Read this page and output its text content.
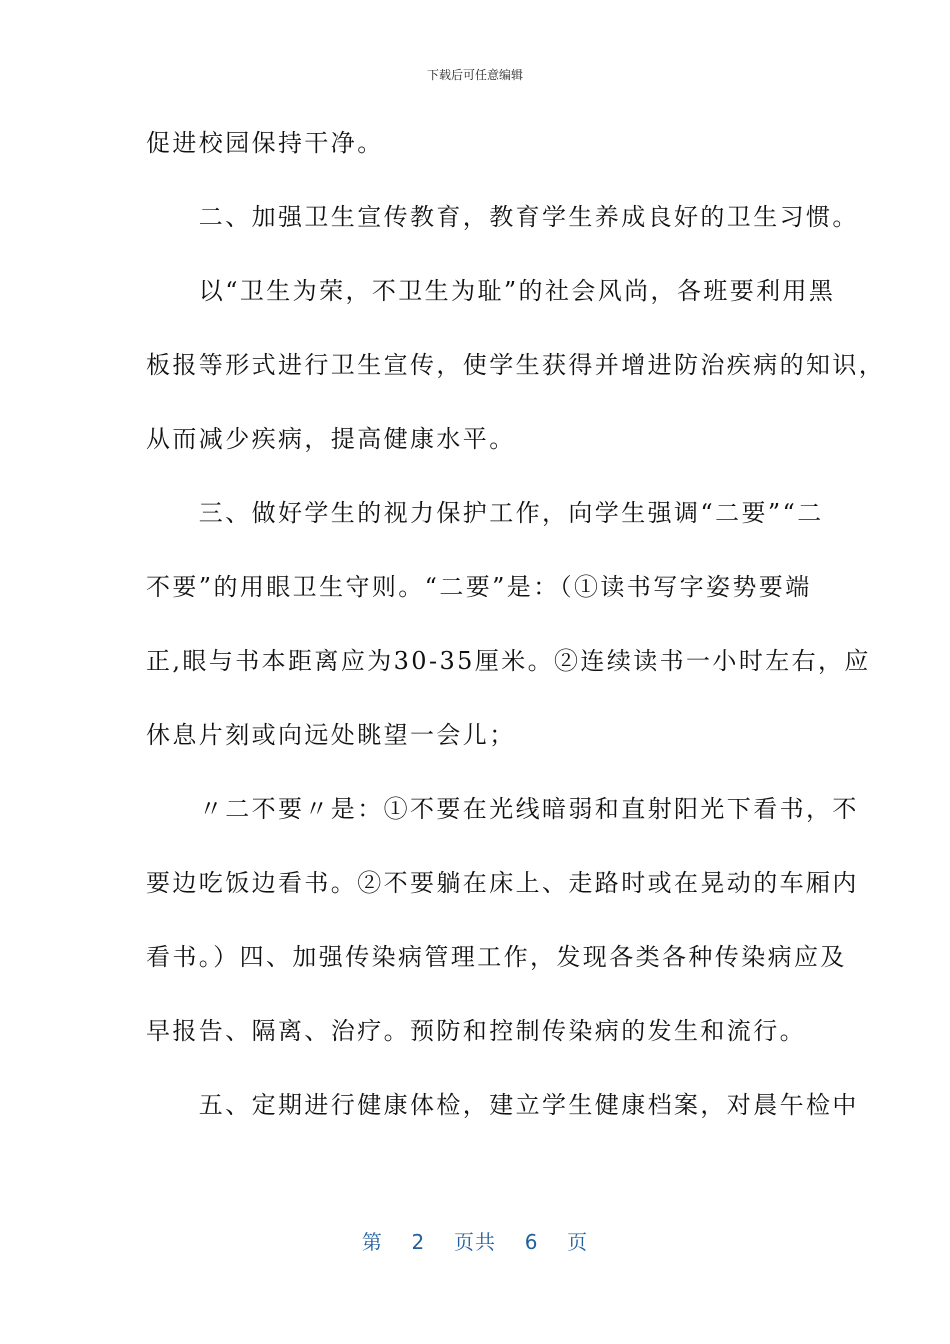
下载后可任意编辑
促进校园保持干净。
　　二、加强卫生宣传教育，教育学生养成良好的卫生习惯。
　　以“卫生为荣，不卫生为耻”的社会风尚，各班要利用黑
板报等形式进行卫生宣传，使学生获得并增进防治疾病的知识，
从而减少疾病，提高健康水平。
　　三、做好学生的视力保护工作，向学生强调“二要”“二
不要”的用眼卫生守则。“二要”是：（①读书写字姿势要端
正,眼与书本距离应为30-35厘米。②连续读书一小时左右，应
休息片刻或向远处眺望一会儿；
　　〃二不要〃是：①不要在光线暗弱和直射阳光下看书，不
要边吃饭边看书。②不要躺在床上、走路时或在晃动的车厢内
看书。）四、加强传染病管理工作，发现各类各种传染病应及
早报告、隔离、治疗。预防和控制传染病的发生和流行。
　　五、定期进行健康体检，建立学生健康档案，对晨午检中
第 2 页共 6 页
